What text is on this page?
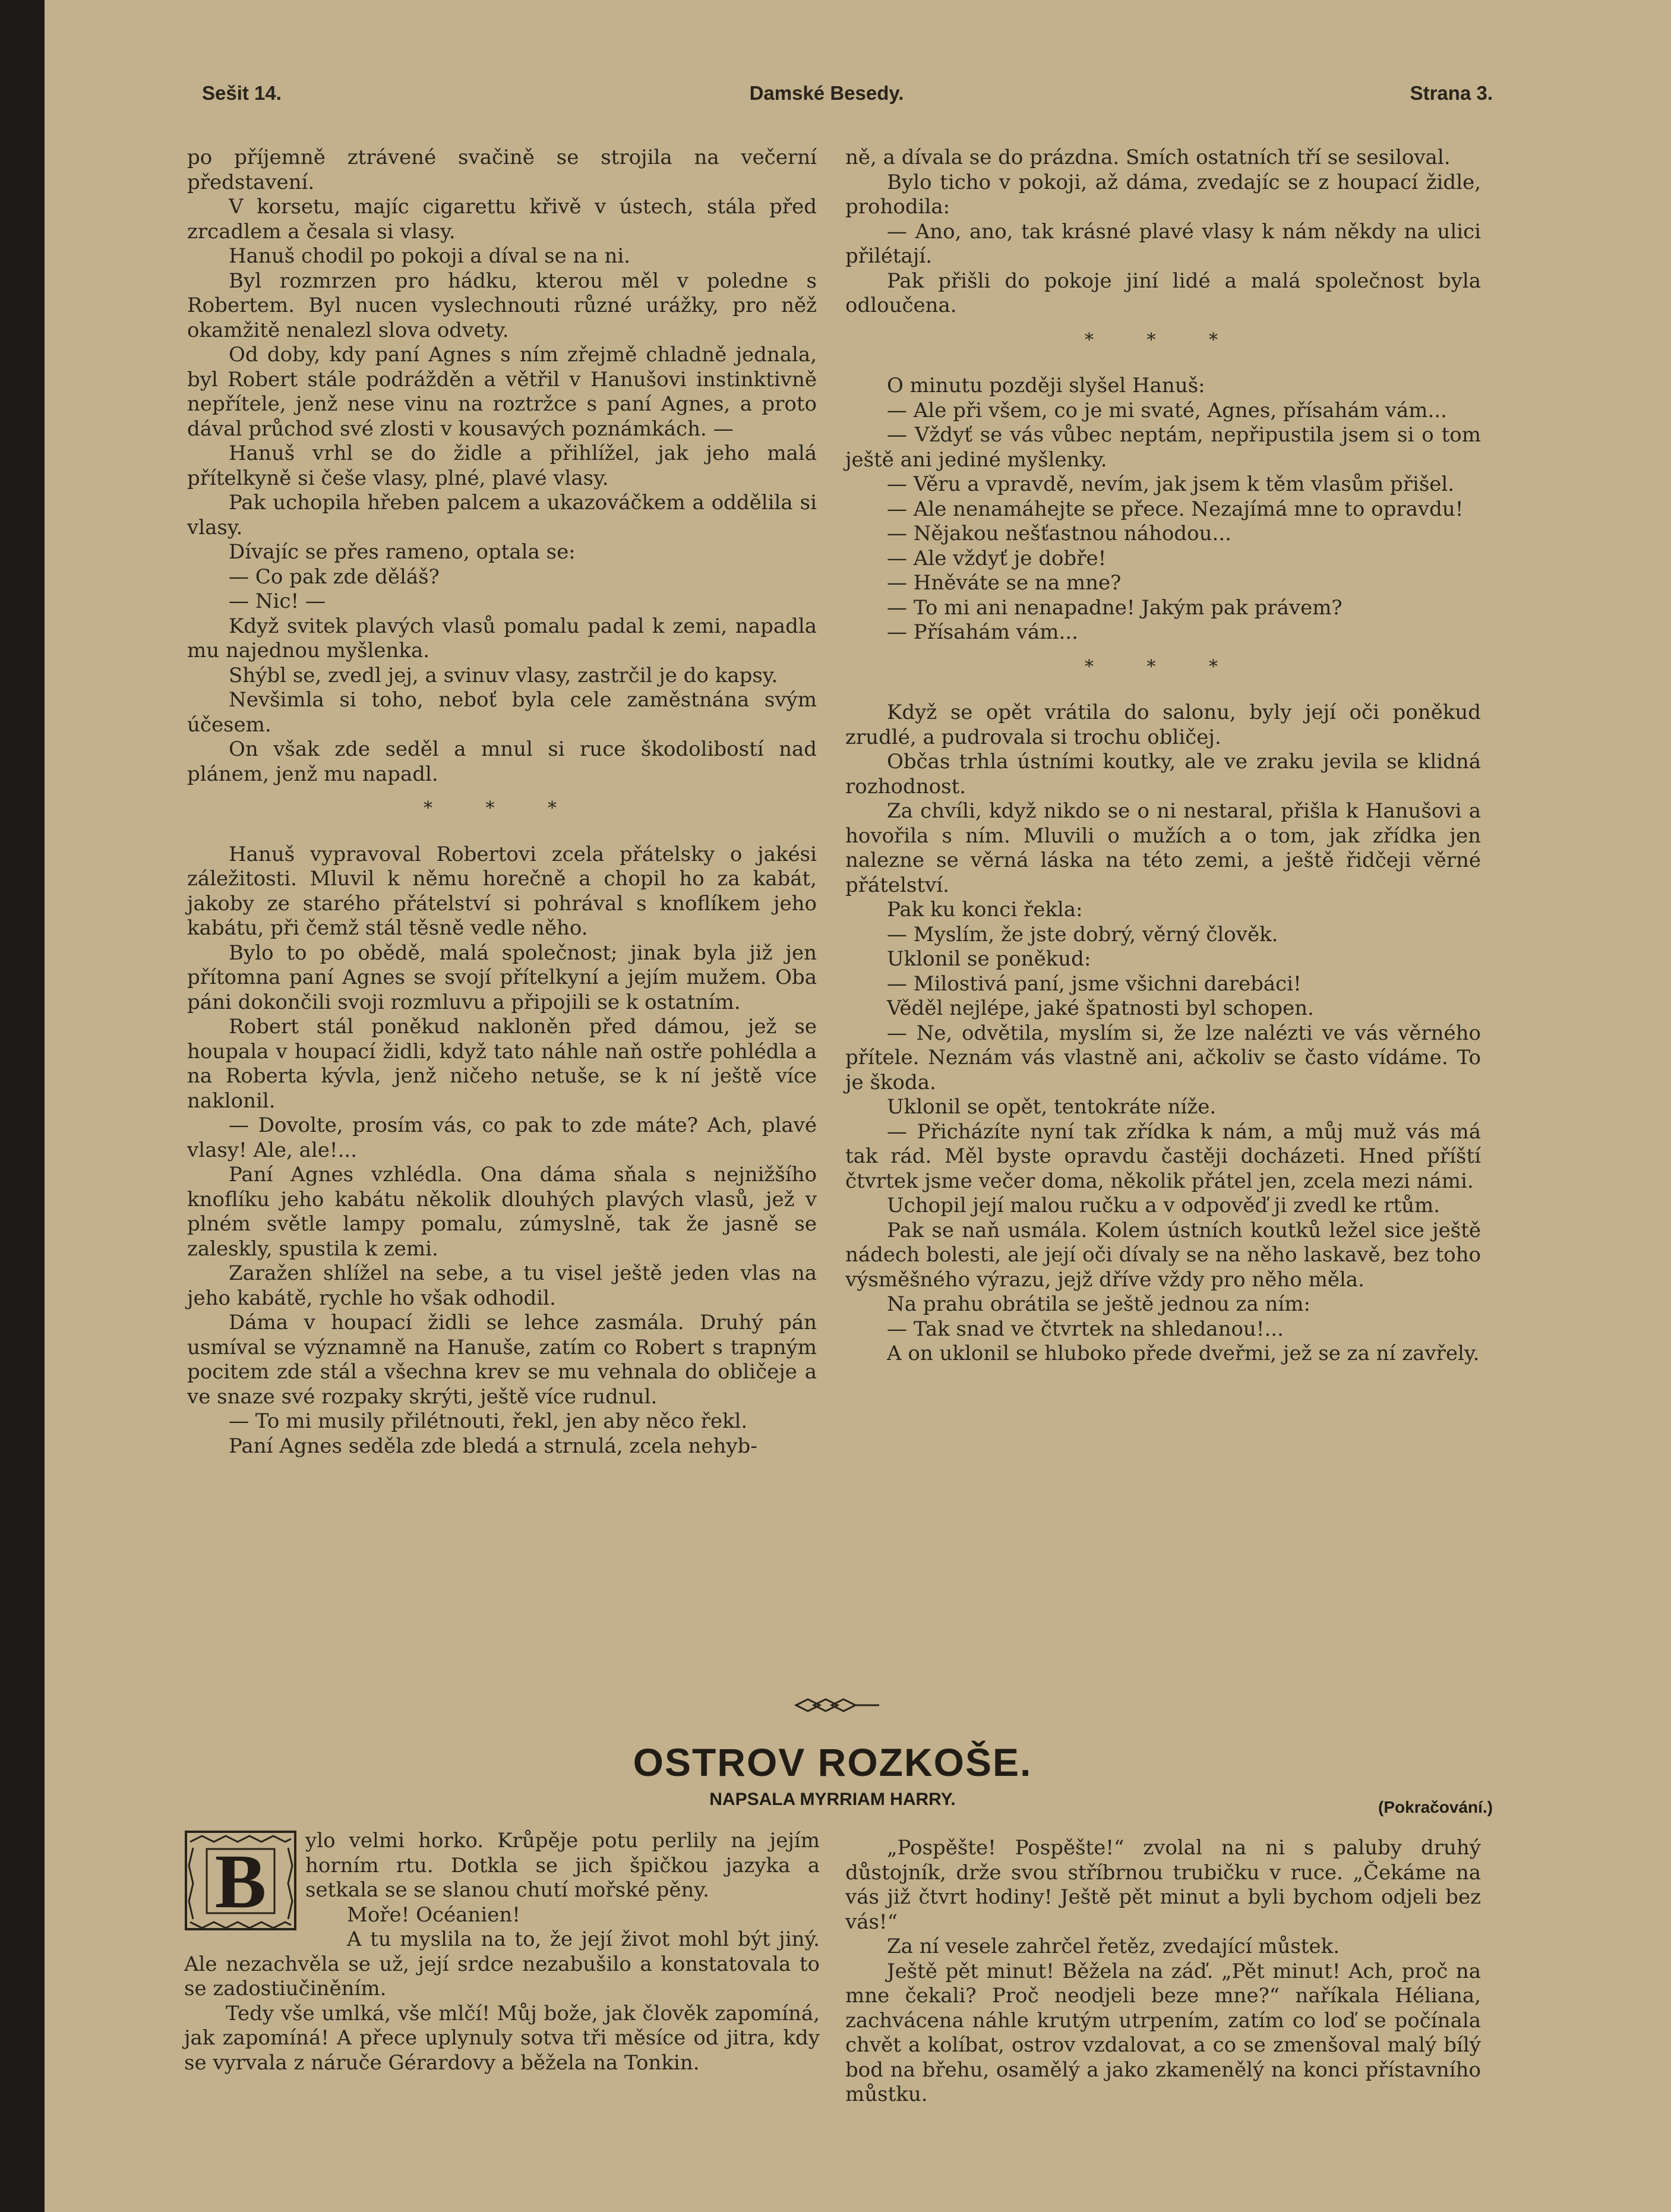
Sešit 14.	Damské Besedy.	Strana 3.

po příjemně ztrávené svačině se strojila na večerní představení.

V korsetu, majíc cigarettu křivě v ústech, stála před zrcadlem a česala si vlasy.

Hanuš chodil po pokoji a díval se na ni.

Byl rozmrzen pro hádku, kterou měl v poledne s Robertem. Byl nucen vyslechnouti různé urážky, pro něž okamžitě nenalezl slova odvety.

Od doby, kdy paní Agnes s ním zřejmě chladně jednala, byl Robert stále podrážděn a větřil v Hanušovi instinktivně nepřítele, jenž nese vinu na roztržce s paní Agnes, a proto dával průchod své zlosti v kousavých poznámkách. —

Hanuš vrhl se do židle a přihlížel, jak jeho malá přítelkyně si češe vlasy, plné, plavé vlasy.

Pak uchopila hřeben palcem a ukazováčkem a oddělila si vlasy.

Dívajíc se přes rameno, optala se:

— Co pak zde děláš?

— Nic! —

Když svitek plavých vlasů pomalu padal k zemi, napadla mu najednou myšlenka.

Shýbl se, zvedl jej, a svinuv vlasy, zastrčil je do kapsy.

Nevšimla si toho, neboť byla cele zaměstnána svým účesem.

On však zde seděl a mnul si ruce škodolibostí nad plánem, jenž mu napadl.

* * *

Hanuš vypravoval Robertovi zcela přátelsky o jakési záležitosti. Mluvil k němu horečně a chopil ho za kabát, jakoby ze starého přátelství si pohrával s knoflíkem jeho kabátu, při čemž stál těsně vedle něho.

Bylo to po obědě, malá společnost; jinak byla již jen přítomna paní Agnes se svojí přítelkyní a jejím mužem. Oba páni dokončili svoji rozmluvu a připojili se k ostatním.

Robert stál poněkud nakloněn před dámou, jež se houpala v houpací židli, když tato náhle naň ostře pohlédla a na Roberta kývla, jenž ničeho netuše, se k ní ještě více naklonil.

— Dovolte, prosím vás, co pak to zde máte? Ach, plavé vlasy! Ale, ale!...

Paní Agnes vzhlédla. Ona dáma sňala s nejnižšího knoflíku jeho kabátu několik dlouhých plavých vlasů, jež v plném světle lampy pomalu, zúmyslně, tak že jasně se zaleskly, spustila k zemi.

Zaražen shlížel na sebe, a tu visel ještě jeden vlas na jeho kabátě, rychle ho však odhodil.

Dáma v houpací židli se lehce zasmála. Druhý pán usmíval se významně na Hanuše, zatím co Robert s trapným pocitem zde stál a všechna krev se mu vehnala do obličeje a ve snaze své rozpaky skrýti, ještě více rudnul.

— To mi musily přilétnouti, řekl, jen aby něco řekl.

Paní Agnes seděla zde bledá a strnulá, zcela nehyb-

ně, a dívala se do prázdna. Smích ostatních tří se sesiloval.

Bylo ticho v pokoji, až dáma, zvedajíc se z houpací židle, prohodila:

— Ano, ano, tak krásné plavé vlasy k nám někdy na ulici přilétají.

Pak přišli do pokoje jiní lidé a malá společnost byla odloučena.

* * *

O minutu později slyšel Hanuš:

— Ale při všem, co je mi svaté, Agnes, přísahám vám...

— Vždyť se vás vůbec neptám, nepřipustila jsem si o tom ještě ani jediné myšlenky.

— Věru a vpravdě, nevím, jak jsem k těm vlasům přišel.

— Ale nenamáhejte se přece. Nezajímá mne to opravdu!

— Nějakou nešťastnou náhodou...

— Ale vždyť je dobře!

— Hněváte se na mne?

— To mi ani nenapadne! Jakým pak právem?

— Přísahám vám...

* * *

Když se opět vrátila do salonu, byly její oči poněkud zrudlé, a pudrovala si trochu obličej.

Občas trhla ústními koutky, ale ve zraku jevila se klidná rozhodnost.

Za chvíli, když nikdo se o ni nestaral, přišla k Hanušovi a hovořila s ním. Mluvili o mužích a o tom, jak zřídka jen nalezne se věrná láska na této zemi, a ještě řidčeji věrné přátelství.

Pak ku konci řekla:

— Myslím, že jste dobrý, věrný člověk.

Uklonil se poněkud:

— Milostivá paní, jsme všichni darebáci!

Věděl nejlépe, jaké špatnosti byl schopen.

— Ne, odvětila, myslím si, že lze nalézti ve vás věrného přítele. Neznám vás vlastně ani, ačkoliv se často vídáme. To je škoda.

Uklonil se opět, tentokráte níže.

— Přicházíte nyní tak zřídka k nám, a můj muž vás má tak rád. Měl byste opravdu častěji docházeti. Hned příští čtvrtek jsme večer doma, několik přátel jen, zcela mezi námi.

Uchopil její malou ručku a v odpověď ji zvedl ke rtům.

Pak se naň usmála. Kolem ústních koutků ležel sice ještě nádech bolesti, ale její oči dívaly se na něho laskavě, bez toho výsměšného výrazu, jejž dříve vždy pro něho měla.

Na prahu obrátila se ještě jednou za ním:

— Tak snad ve čtvrtek na shledanou!...

A on uklonil se hluboko přede dveřmi, jež se za ní zavřely.

OSTROV ROZKOŠE.
NAPSALA MYRRIAM HARRY.	(Pokračování.)
B	ylo velmi horko. Krůpěje potu perlily na jejím horním rtu. Dotkla se jich špičkou jazyka a setkala se se slanou chutí mořské pěny.

Moře! Océanien!

A tu myslila na to, že její život mohl být jiný. Ale nezachvěla se už, její srdce nezabušilo a konstatovala to se zadostiučiněním.

Tedy vše umlká, vše mlčí! Můj bože, jak člověk zapomíná, jak zapomíná! A přece uplynuly sotva tři měsíce od jitra, kdy se vyrvala z náruče Gérardovy a běžela na Tonkin.

„Pospěšte! Pospěšte!“ zvolal na ni s paluby druhý důstojník, drže svou stříbrnou trubičku v ruce. „Čekáme na vás již čtvrt hodiny! Ještě pět minut a byli bychom odjeli bez vás!“

Za ní vesele zahrčel řetěz, zvedající můstek.

Ještě pět minut! Běžela na záď. „Pět minut! Ach, proč na mne čekali? Proč neodjeli beze mne?“ naříkala Héliana, zachvácena náhle krutým utrpením, zatím co loď se počínala chvět a kolíbat, ostrov vzdalovat, a co se zmenšoval malý bílý bod na břehu, osamělý a jako zkamenělý na konci přístavního můstku.
